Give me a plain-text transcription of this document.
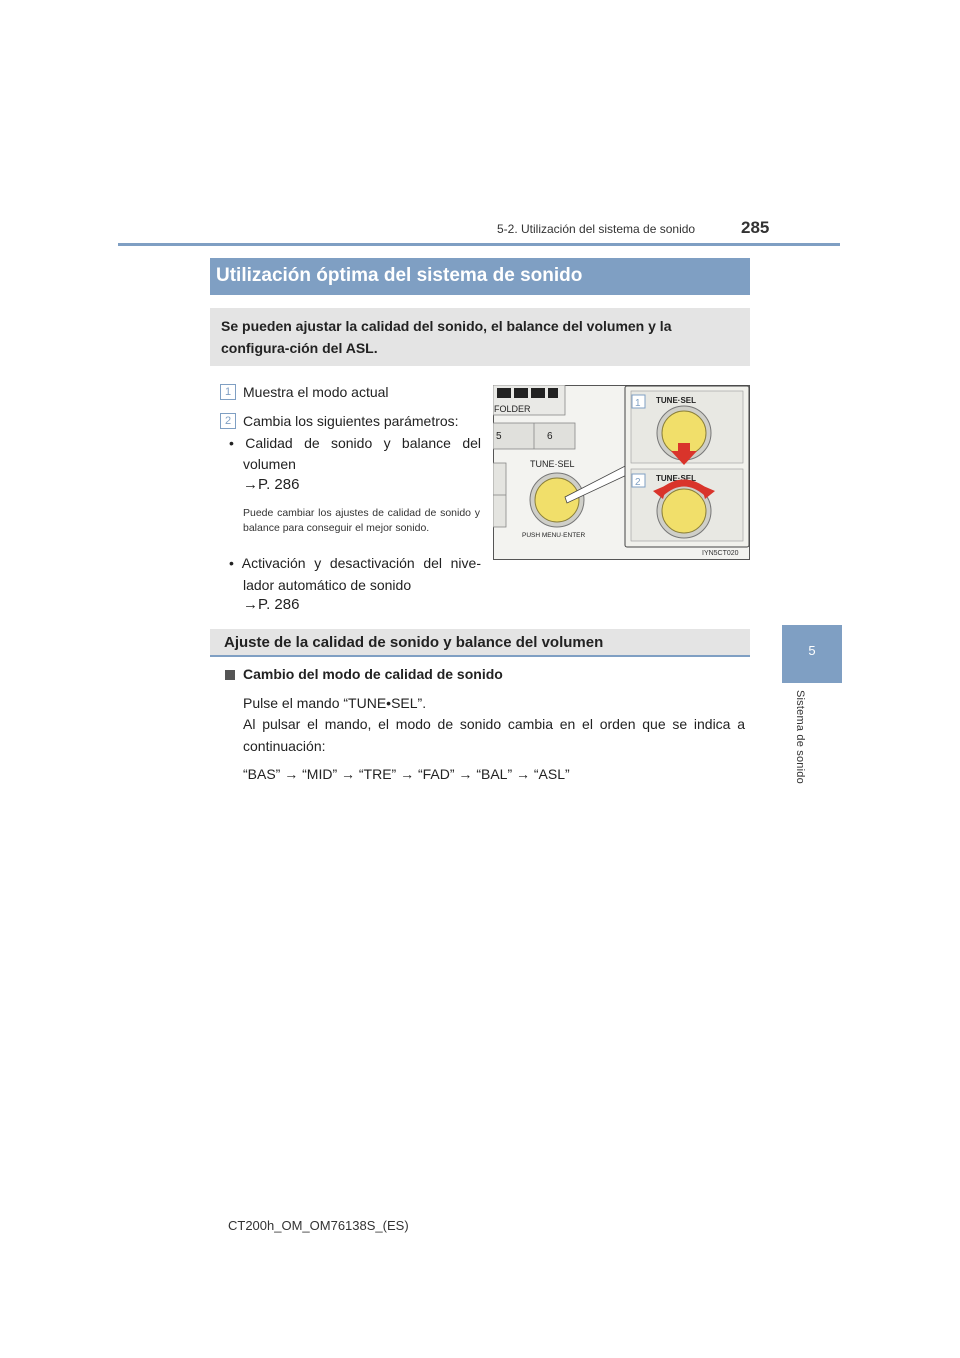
5-2. Utilización del sistema de sonido	285
5
Sistema de sonido
Utilización óptima del sistema de sonido
Se pueden ajustar la calidad del sonido, el balance del volumen y la configura-ción del ASL.
1 Muestra el modo actual
2 Cambia los siguientes parámetros:
• Calidad de sonido y balance del
volumen
→P. 286
Puede cambiar los ajustes de calidad de sonido y balance para conseguir el mejor sonido.
• Activación y desactivación del nive-
lador automático de sonido
→P. 286
FOLDER
5	6
TUNE·SEL
PUSH MENU·ENTER
TUNE·SEL
TUNE·SEL
1
2
IYN5CT020
Ajuste de la calidad de sonido y balance del volumen
Cambio del modo de calidad de sonido
Pulse el mando “TUNE•SEL”.
Al pulsar el mando, el modo de sonido cambia en el orden que se indica a
continuación:
“BAS” → “MID” → “TRE” → “FAD” → “BAL” → “ASL”
CT200h_OM_OM76138S_(ES)
